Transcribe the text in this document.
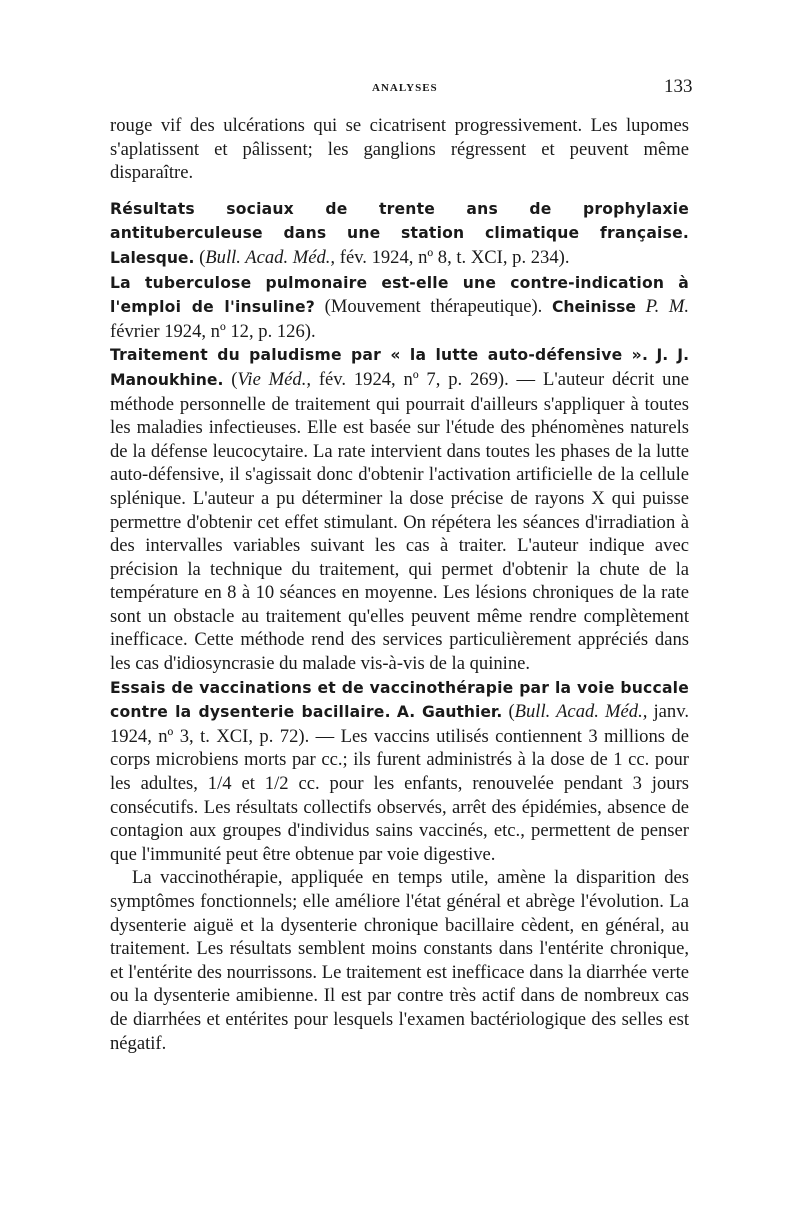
ANALYSES	133

rouge vif des ulcérations qui se cicatrisent progressivement. Les lupomes s'aplatissent et pâlissent; les ganglions régressent et peuvent même disparaître.

Résultats sociaux de trente ans de prophylaxie antituberculeuse dans une station climatique française. Lalesque. (Bull. Acad. Méd., fév. 1924, nº 8, t. XCI, p. 234).

La tuberculose pulmonaire est-elle une contre-indication à l'emploi de l'insuline? (Mouvement thérapeutique). Cheinisse P. M. février 1924, nº 12, p. 126).

Traitement du paludisme par « la lutte auto-défensive ». J. J. Manoukhine. (Vie Méd., fév. 1924, nº 7, p. 269). — L'auteur décrit une méthode personnelle de traitement qui pourrait d'ailleurs s'appliquer à toutes les maladies infectieuses. Elle est basée sur l'étude des phénomènes naturels de la défense leucocytaire. La rate intervient dans toutes les phases de la lutte auto-défensive, il s'agissait donc d'obtenir l'activation artificielle de la cellule splénique. L'auteur a pu déterminer la dose précise de rayons X qui puisse permettre d'obtenir cet effet stimulant. On répétera les séances d'irradiation à des intervalles variables suivant les cas à traiter. L'auteur indique avec précision la technique du traitement, qui permet d'obtenir la chute de la température en 8 à 10 séances en moyenne. Les lésions chroniques de la rate sont un obstacle au traitement qu'elles peuvent même rendre complètement inefficace. Cette méthode rend des services particulièrement appréciés dans les cas d'idiosyncrasie du malade vis-à-vis de la quinine.

Essais de vaccinations et de vaccinothérapie par la voie buccale contre la dysenterie bacillaire. A. Gauthier. (Bull. Acad. Méd., janv. 1924, nº 3, t. XCI, p. 72). — Les vaccins utilisés contiennent 3 millions de corps microbiens morts par cc.; ils furent administrés à la dose de 1 cc. pour les adultes, 1/4 et 1/2 cc. pour les enfants, renouvelée pendant 3 jours consécutifs. Les résultats collectifs observés, arrêt des épidémies, absence de contagion aux groupes d'individus sains vaccinés, etc., permettent de penser que l'immunité peut être obtenue par voie digestive.

La vaccinothérapie, appliquée en temps utile, amène la disparition des symptômes fonctionnels; elle améliore l'état général et abrège l'évolution. La dysenterie aiguë et la dysenterie chronique bacillaire cèdent, en général, au traitement. Les résultats semblent moins constants dans l'entérite chronique, et l'entérite des nourrissons. Le traitement est inefficace dans la diarrhée verte ou la dysenterie amibienne. Il est par contre très actif dans de nombreux cas de diarrhées et entérites pour lesquels l'examen bactériologique des selles est négatif.
